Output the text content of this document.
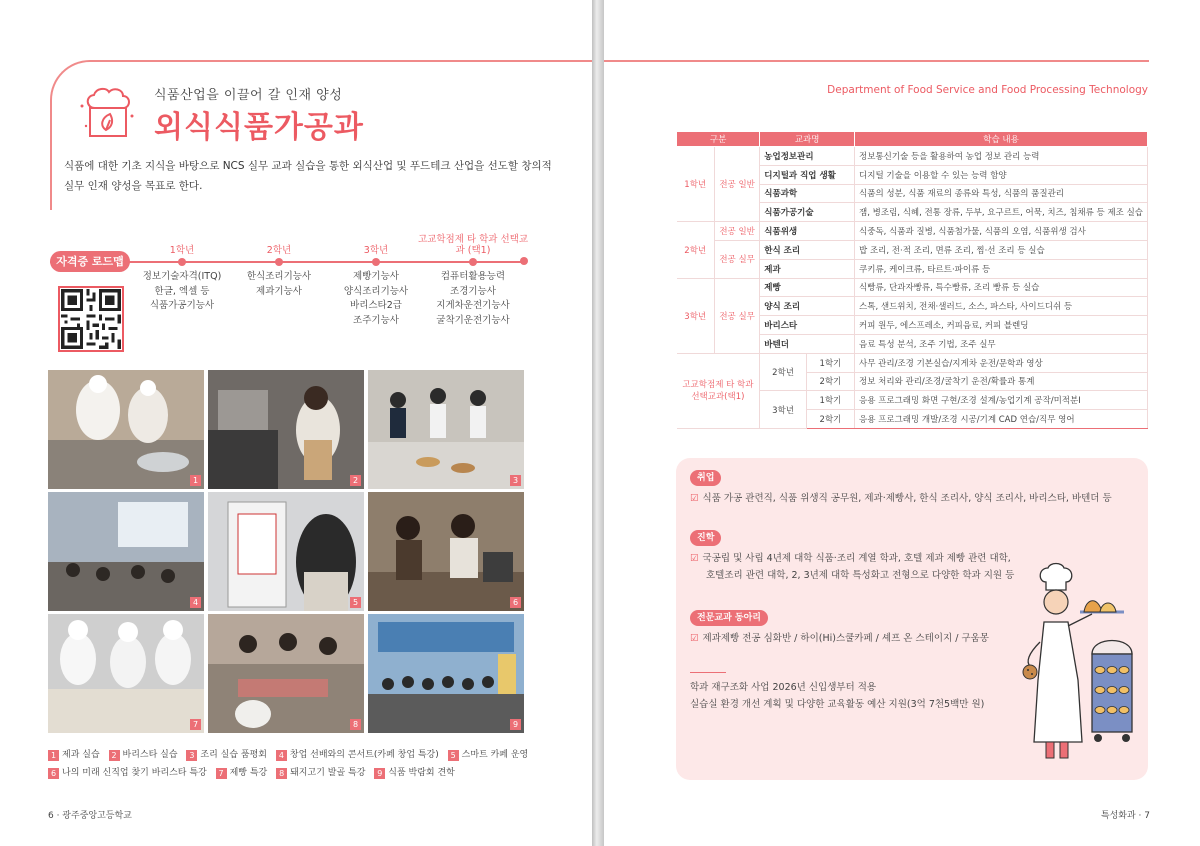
식품산업을 이끌어 갈 인재 양성
외식식품가공과
식품에 대한 기초 지식을 바탕으로 NCS 실무 교과 실습을 통한 외식산업 및 푸드테크 산업을 선도할 창의적 실무 인재 양성을 목표로 한다.
자격증 로드맵
1학년
정보기술자격(ITQ)
한글, 엑셀 등
식품가공기능사
2학년
한식조리기능사
제과기능사
3학년
제빵기능사
양식조리기능사
바리스타2급
조주기능사
고교학점제 타 학과 선택교과 (택1)
컴퓨터활용능력
조경기능사
지게차운전기능사
굴착기운전기능사
1	2	3
4	5	6
7	8	9
1 제과 실습 2 바리스타 실습 3 조리 실습 품평회 4 창업 선배와의 콘서트(카페 창업 특강) 5 스마트 카페 운영
6 나의 미래 신직업 찾기 바리스타 특강 7 제빵 특강 8 돼지고기 발골 특강 9 식품 박람회 견학
6 · 광주중앙고등학교
Department of Food Service and Food Processing Technology
구분		교과명		학습 내용
1학년	전공 일반	농업정보관리		정보통신기술 등을 활용하여 농업 정보 관리 능력
		디지털과 직업 생활		디지털 기술을 이용할 수 있는 능력 함양
		식품과학		식품의 성분, 식품 재료의 종류와 특성, 식품의 품질관리
		식품가공기술		잼, 병조림, 식혜, 전통 장류, 두부, 요구르트, 어묵, 치즈, 침채류 등 제조 실습
2학년	전공 일반	식품위생		식중독, 식품과 질병, 식품첨가물, 식품의 오염, 식품위생 검사
	전공 실무	한식 조리		밥 조리, 전·적 조리, 면류 조리, 찜·선 조리 등 실습
		제과		쿠키류, 케이크류, 타르트·파이류 등
3학년	전공 실무	제빵		식빵류, 단과자빵류, 특수빵류, 조리 빵류 등 실습
		양식 조리		스톡, 샌드위치, 전채·샐러드, 소스, 파스타, 사이드디쉬 등
		바리스타		커피 원두, 에스프레소, 커피음료, 커피 블렌딩
		바텐더		음료 특성 분석, 조주 기법, 조주 실무
고교학점제 타 학과 선택교과(택1)		2학년	1학기	사무 관리/조경 기본실습/지게차 운전/문학과 영상
			2학기	정보 처리와 관리/조경/굴착기 운전/확률과 통계
		3학년	1학기	응용 프로그래밍 화면 구현/조경 설계/농업기계 공작/미적분I
			2학기	응용 프로그래밍 개발/조경 시공/기계 CAD 연습/직무 영어
취업
☑ 식품 가공 관련직, 식품 위생직 공무원, 제과·제빵사, 한식 조리사, 양식 조리사, 바리스타, 바텐더 등
진학
☑ 국공립 및 사립 4년제 대학 식품·조리 계열 학과, 호텔 제과 제빵 관련 대학,
호텔조리 관련 대학, 2, 3년제 대학 특성화고 전형으로 다양한 학과 지원 등
전문교과 동아리
☑ 제과제빵 전공 심화반 / 하이(Hi)스쿨카페 / 셰프 온 스테이지 / 구움몽
학과 재구조화 사업 2026년 신입생부터 적용
실습실 환경 개선 계획 및 다양한 교육활동 예산 지원(3억 7천5백만 원)
특성화과 · 7
